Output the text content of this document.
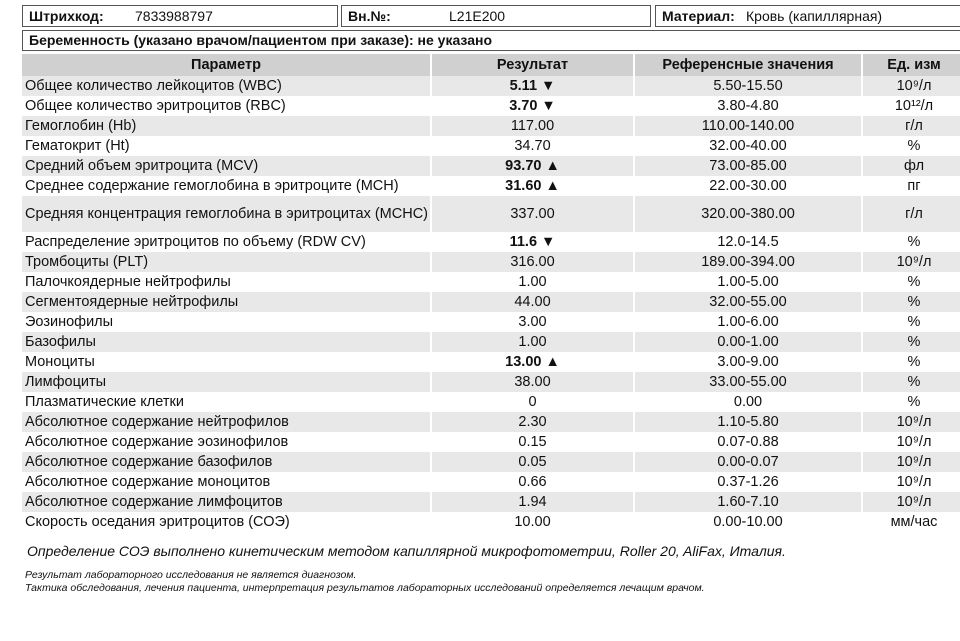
Штрихкод: 7833988797	Вн.№:	L21E200	Материал: Кровь (капиллярная)
Беременность (указано врачом/пациентом при заказе): не указано
Параметр	Результат	Референсные значения	Ед. изм
Общее количество лейкоцитов (WBC)	5.11 ▼	5.50-15.50	10⁹/л
Общее количество эритроцитов (RBC)	3.70 ▼	3.80-4.80	10¹²/л
Гемоглобин (Hb)	117.00	110.00-140.00	г/л
Гематокрит (Ht)	34.70	32.00-40.00	%
Средний объем эритроцита (MCV)	93.70 ▲	73.00-85.00	фл
Среднее содержание гемоглобина в эритроците (MCH)	31.60 ▲	22.00-30.00	пг
Средняя концентрация гемоглобина в эритроцитах (MCHC)	337.00	320.00-380.00	г/л
Распределение эритроцитов по объему (RDW CV)	11.6 ▼	12.0-14.5	%
Тромбоциты (PLT)	316.00	189.00-394.00	10⁹/л
Палочкоядерные нейтрофилы	1.00	1.00-5.00	%
Сегментоядерные нейтрофилы	44.00	32.00-55.00	%
Эозинофилы	3.00	1.00-6.00	%
Базофилы	1.00	0.00-1.00	%
Моноциты	13.00 ▲	3.00-9.00	%
Лимфоциты	38.00	33.00-55.00	%
Плазматические клетки	0	0.00	%
Абсолютное содержание нейтрофилов	2.30	1.10-5.80	10⁹/л
Абсолютное содержание эозинофилов	0.15	0.07-0.88	10⁹/л
Абсолютное содержание базофилов	0.05	0.00-0.07	10⁹/л
Абсолютное содержание моноцитов	0.66	0.37-1.26	10⁹/л
Абсолютное содержание лимфоцитов	1.94	1.60-7.10	10⁹/л
Скорость оседания эритроцитов (СОЭ)	10.00	0.00-10.00	мм/час
Определение СОЭ выполнено кинетическим методом капиллярной микрофотометрии, Roller 20, AliFax, Италия.
Результат лабораторного исследования не является диагнозом.
Тактика обследования, лечения пациента, интерпретация результатов лабораторных исследований определяется лечащим врачом.
